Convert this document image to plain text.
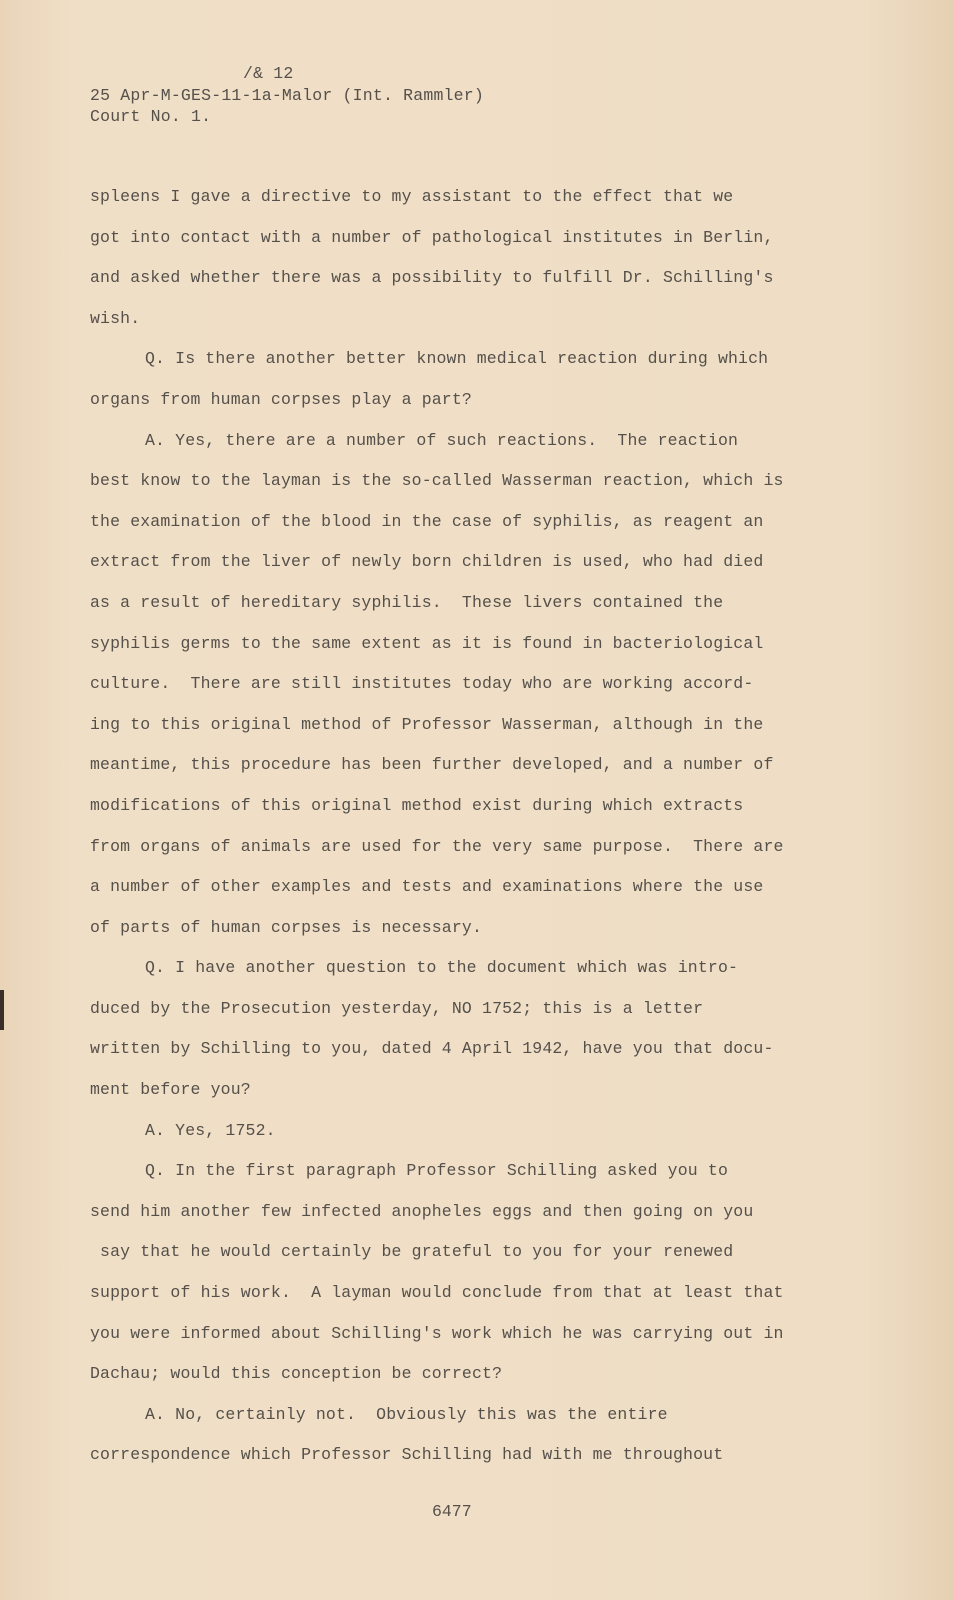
/& 12
25 Apr-M-GES-11-1a-Malor (Int. Rammler)
Court No. 1.
spleens I gave a directive to my assistant to the effect that we
got into contact with a number of pathological institutes in Berlin,
and asked whether there was a possibility to fulfill Dr. Schilling's
wish.
Q. Is there another better known medical reaction during which
organs from human corpses play a part?
A. Yes, there are a number of such reactions.  The reaction
best know to the layman is the so-called Wasserman reaction, which is
the examination of the blood in the case of syphilis, as reagent an
extract from the liver of newly born children is used, who had died
as a result of hereditary syphilis.  These livers contained the
syphilis germs to the same extent as it is found in bacteriological
culture.  There are still institutes today who are working accord-
ing to this original method of Professor Wasserman, although in the
meantime, this procedure has been further developed, and a number of
modifications of this original method exist during which extracts
from organs of animals are used for the very same purpose.  There are
a number of other examples and tests and examinations where the use
of parts of human corpses is necessary.
Q. I have another question to the document which was intro-
duced by the Prosecution yesterday, NO 1752; this is a letter
written by Schilling to you, dated 4 April 1942, have you that docu-
ment before you?
A. Yes, 1752.
Q. In the first paragraph Professor Schilling asked you to
send him another few infected anopheles eggs and then going on you
say that he would certainly be grateful to you for your renewed
support of his work.  A layman would conclude from that at least that
you were informed about Schilling's work which he was carrying out in
Dachau; would this conception be correct?
A. No, certainly not.  Obviously this was the entire
correspondence which Professor Schilling had with me throughout
6477
